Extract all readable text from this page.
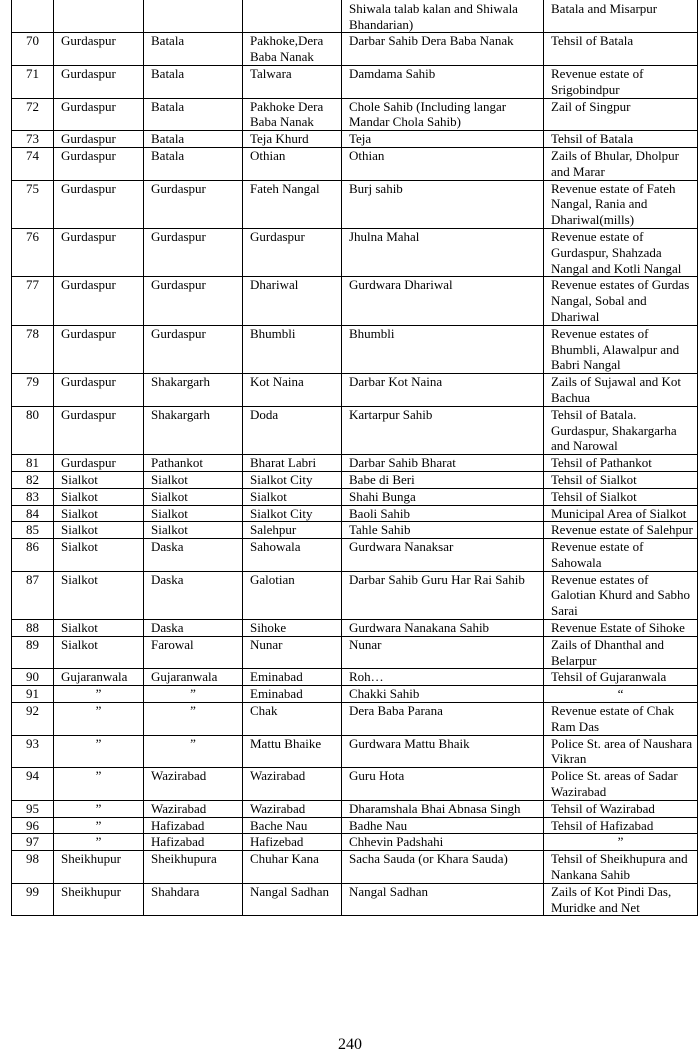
				Shiwala talab kalan and Shiwala Bhandarian)	Batala and Misarpur
70	Gurdaspur	Batala	Pakhoke,Dera Baba Nanak	Darbar Sahib Dera Baba Nanak	Tehsil of Batala
71	Gurdaspur	Batala	Talwara	Damdama Sahib	Revenue estate of Srigobindpur
72	Gurdaspur	Batala	Pakhoke Dera Baba Nanak	Chole Sahib (Including langar Mandar Chola Sahib)	Zail of Singpur
73	Gurdaspur	Batala	Teja Khurd	Teja	Tehsil of Batala
74	Gurdaspur	Batala	Othian	Othian	Zails of Bhular, Dholpur and Marar
75	Gurdaspur	Gurdaspur	Fateh Nangal	Burj sahib	Revenue estate of Fateh Nangal, Rania and Dhariwal(mills)
76	Gurdaspur	Gurdaspur	Gurdaspur	Jhulna Mahal	Revenue estate of Gurdaspur, Shahzada Nangal and Kotli Nangal
77	Gurdaspur	Gurdaspur	Dhariwal	Gurdwara Dhariwal	Revenue estates of Gurdas Nangal, Sobal and Dhariwal
78	Gurdaspur	Gurdaspur	Bhumbli	Bhumbli	Revenue estates of Bhumbli, Alawalpur and Babri Nangal
79	Gurdaspur	Shakargarh	Kot Naina	Darbar Kot Naina	Zails of Sujawal and Kot Bachua
80	Gurdaspur	Shakargarh	Doda	Kartarpur Sahib	Tehsil of Batala. Gurdaspur, Shakargarha and Narowal
81	Gurdaspur	Pathankot	Bharat Labri	Darbar Sahib Bharat	Tehsil of Pathankot
82	Sialkot	Sialkot	Sialkot City	Babe di Beri	Tehsil of Sialkot
83	Sialkot	Sialkot	Sialkot	Shahi Bunga	Tehsil of Sialkot
84	Sialkot	Sialkot	Sialkot City	Baoli Sahib	Municipal Area of Sialkot
85	Sialkot	Sialkot	Salehpur	Tahle Sahib	Revenue estate of Salehpur
86	Sialkot	Daska	Sahowala	Gurdwara Nanaksar	Revenue estate of Sahowala
87	Sialkot	Daska	Galotian	Darbar Sahib Guru Har Rai Sahib	Revenue estates of Galotian Khurd and Sabho Sarai
88	Sialkot	Daska	Sihoke	Gurdwara Nanakana Sahib	Revenue Estate of Sihoke
89	Sialkot	Farowal	Nunar	Nunar	Zails of Dhanthal and Belarpur
90	Gujaranwala	Gujaranwala	Eminabad	Roh…	Tehsil of Gujaranwala
91	”	”	Eminabad	Chakki Sahib	“
92	”	”	Chak	Dera Baba Parana	Revenue estate of Chak Ram Das
93	”	”	Mattu Bhaike	Gurdwara Mattu Bhaik	Police St. area of Naushara Vikran
94	”	Wazirabad	Wazirabad	Guru Hota	Police St. areas of Sadar Wazirabad
95	”	Wazirabad	Wazirabad	Dharamshala Bhai Abnasa Singh	Tehsil of Wazirabad
96	”	Hafizabad	Bache Nau	Badhe Nau	Tehsil of Hafizabad
97	”	Hafizabad	Hafizebad	Chhevin Padshahi	”
98	Sheikhupur	Sheikhupura	Chuhar Kana	Sacha Sauda (or Khara Sauda)	Tehsil of Sheikhupura and Nankana Sahib
99	Sheikhupur	Shahdara	Nangal Sadhan	Nangal Sadhan	Zails of Kot Pindi Das, Muridke and Net
240
